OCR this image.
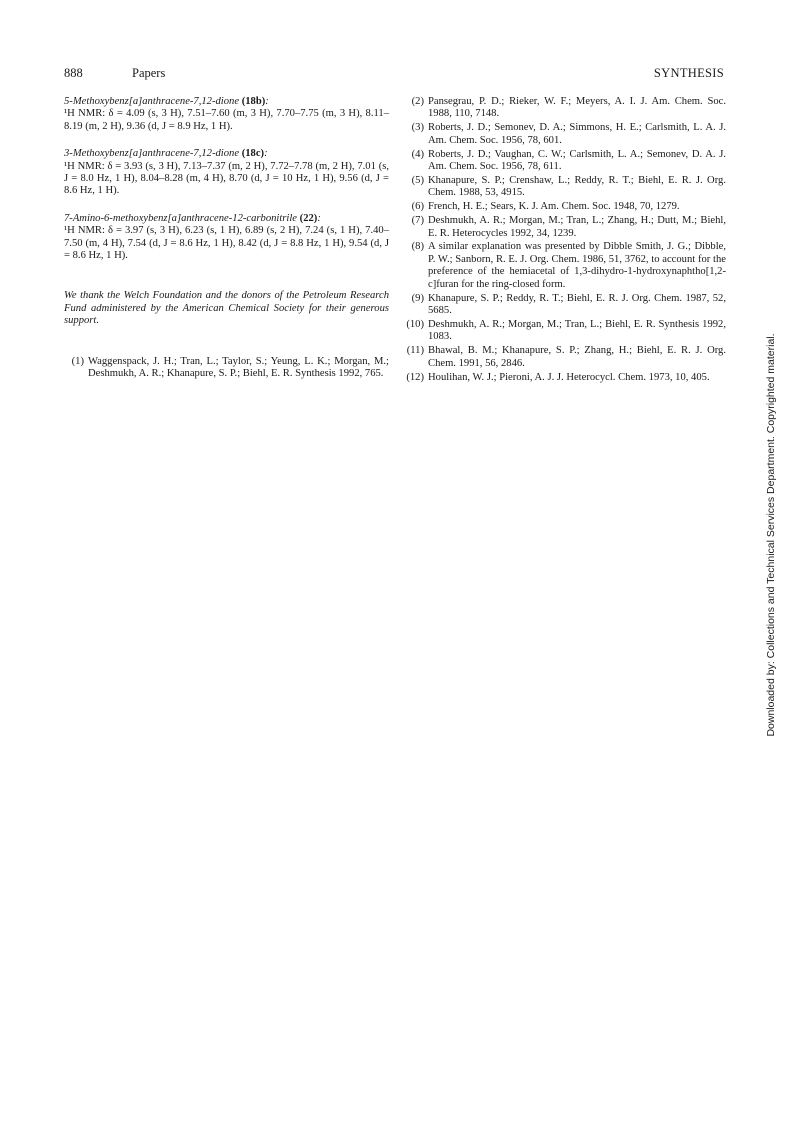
888	Papers	SYNTHESIS
5-Methoxybenz[a]anthracene-7,12-dione (18b):

¹H NMR: δ = 4.09 (s, 3 H), 7.51–7.60 (m, 3 H), 7.70–7.75 (m, 3 H), 8.11–8.19 (m, 2 H), 9.36 (d, J = 8.9 Hz, 1 H).

3-Methoxybenz[a]anthracene-7,12-dione (18c):

¹H NMR: δ = 3.93 (s, 3 H), 7.13–7.37 (m, 2 H), 7.72–7.78 (m, 2 H), 7.01 (s, J = 8.0 Hz, 1 H), 8.04–8.28 (m, 4 H), 8.70 (d, J = 10 Hz, 1 H), 9.56 (d, J = 8.6 Hz, 1 H).

7-Amino-6-methoxybenz[a]anthracene-12-carbonitrile (22):

¹H NMR: δ = 3.97 (s, 3 H), 6.23 (s, 1 H), 6.89 (s, 2 H), 7.24 (s, 1 H), 7.40–7.50 (m, 4 H), 7.54 (d, J = 8.6 Hz, 1 H), 8.42 (d, J = 8.8 Hz, 1 H), 9.54 (d, J = 8.6 Hz, 1 H).

We thank the Welch Foundation and the donors of the Petroleum Research Fund administered by the American Chemical Society for their generous support.

(1) Waggenspack, J. H.; Tran, L.; Taylor, S.; Yeung, L. K.; Morgan, M.; Deshmukh, A. R.; Khanapure, S. P.; Biehl, E. R. Synthesis 1992, 765.
(2) Pansegrau, P. D.; Rieker, W. F.; Meyers, A. I. J. Am. Chem. Soc. 1988, 110, 7148.
(3) Roberts, J. D.; Semonev, D. A.; Simmons, H. E.; Carlsmith, L. A. J. Am. Chem. Soc. 1956, 78, 601.
(4) Roberts, J. D.; Vaughan, C. W.; Carlsmith, L. A.; Semonev, D. A. J. Am. Chem. Soc. 1956, 78, 611.
(5) Khanapure, S. P.; Crenshaw, L.; Reddy, R. T.; Biehl, E. R. J. Org. Chem. 1988, 53, 4915.
(6) French, H. E.; Sears, K. J. Am. Chem. Soc. 1948, 70, 1279.
(7) Deshmukh, A. R.; Morgan, M.; Tran, L.; Zhang, H.; Dutt, M.; Biehl, E. R. Heterocycles 1992, 34, 1239.
(8) A similar explanation was presented by Dibble Smith, J. G.; Dibble, P. W.; Sanborn, R. E. J. Org. Chem. 1986, 51, 3762, to account for the preference of the hemiacetal of 1,3-dihydro-1-hydroxynaphtho[1,2-c]furan for the ring-closed form.
(9) Khanapure, S. P.; Reddy, R. T.; Biehl, E. R. J. Org. Chem. 1987, 52, 5685.
(10) Deshmukh, A. R.; Morgan, M.; Tran, L.; Biehl, E. R. Synthesis 1992, 1083.
(11) Bhawal, B. M.; Khanapure, S. P.; Zhang, H.; Biehl, E. R. J. Org. Chem. 1991, 56, 2846.
(12) Houlihan, W. J.; Pieroni, A. J. J. Heterocycl. Chem. 1973, 10, 405.	Downloaded by: Collections and Technical Services Department. Copyrighted material.
